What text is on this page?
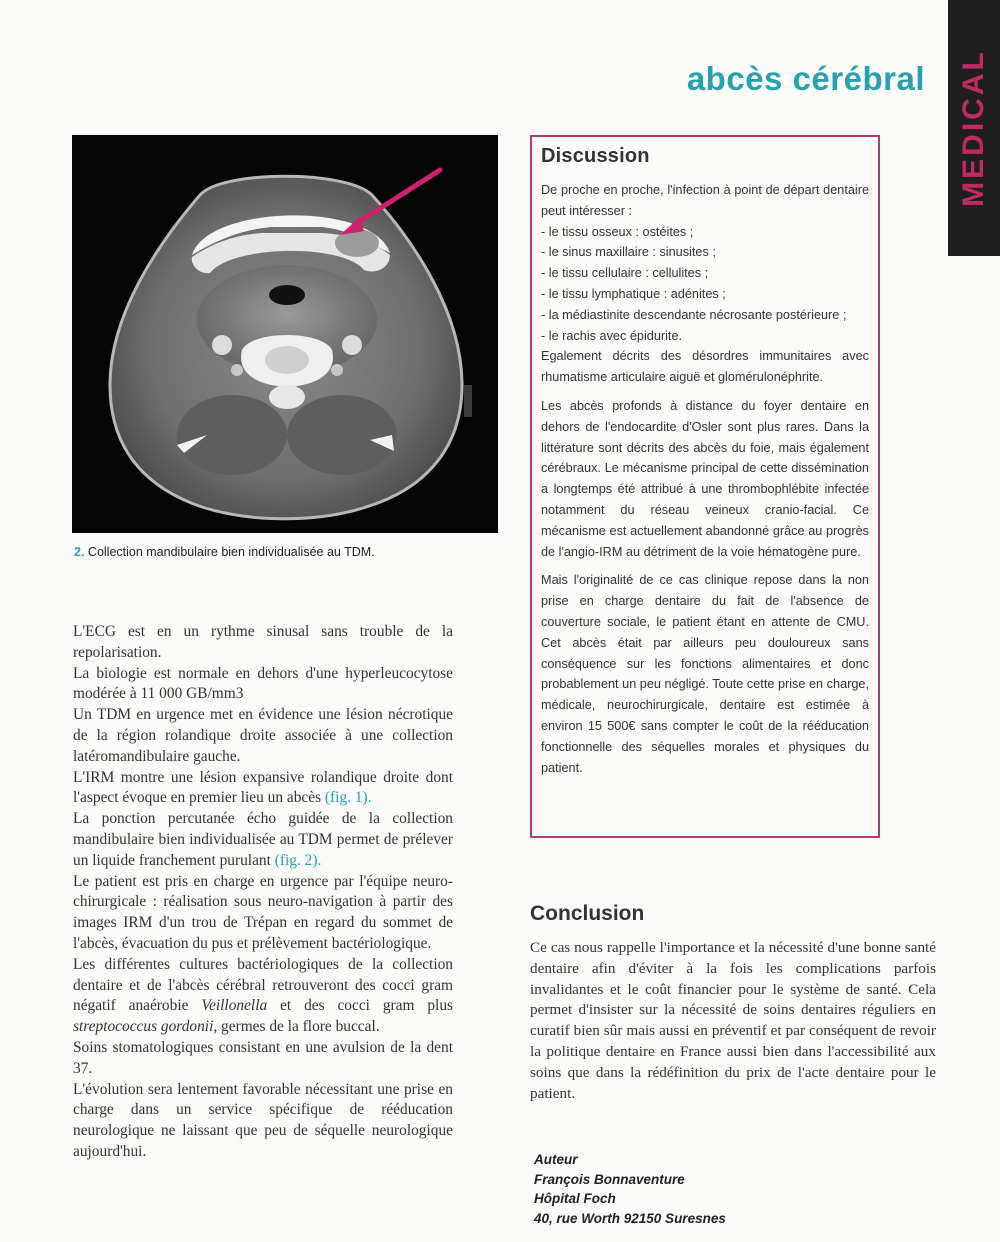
abcès cérébral MEDICAL
2. Collection mandibulaire bien individualisée au TDM.

L'ECG est en un rythme sinusal sans trouble de la repolarisation.

La biologie est normale en dehors d'une hyperleucocytose modérée à 11 000 GB/mm3

Un TDM en urgence met en évidence une lésion nécrotique de la région rolandique droite associée à une collection latéromandibulaire gauche.

L'IRM montre une lésion expansive rolandique droite dont l'aspect évoque en premier lieu un abcès (fig. 1).

La ponction percutanée écho guidée de la collection mandibulaire bien individualisée au TDM permet de prélever un liquide franchement purulant (fig. 2).

Le patient est pris en charge en urgence par l'équipe neuro-chirurgicale : réalisation sous neuro-navigation à partir des images IRM d'un trou de Trépan en regard du sommet de l'abcès, évacuation du pus et prélèvement bactériologique.

Les différentes cultures bactériologiques de la collection dentaire et de l'abcès cérébral retrouveront des cocci gram négatif anaérobie Veillonella et des cocci gram plus streptococcus gordonii, germes de la flore buccal.

Soins stomatologiques consistant en une avulsion de la dent 37.

L'évolution sera lentement favorable nécessitant une prise en charge dans un service spécifique de rééducation neurologique ne laissant que peu de séquelle neurologique aujourd'hui.

Discussion

De proche en proche, l'infection à point de départ dentaire peut intéresser :

- le tissu osseux : ostéites ;

- le sinus maxillaire : sinusites ;

- le tissu cellulaire : cellulites ;

- le tissu lymphatique : adénites ;

- la médiastinite descendante nécrosante postérieure ;

- le rachis avec épidurite.

Egalement décrits des désordres immunitaires avec rhumatisme articulaire aiguë et glomérulonéphrite.

Les abcès profonds à distance du foyer dentaire en dehors de l'endocardite d'Osler sont plus rares. Dans la littérature sont décrits des abcès du foie, mais également cérébraux. Le mécanisme principal de cette dissémination a longtemps été attribué à une thrombophlébite infectée notamment du réseau veineux cranio-facial. Ce mécanisme est actuellement abandonné grâce au progrès de l'angio-IRM au détriment de la voie hématogène pure.

Mais l'originalité de ce cas clinique repose dans la non prise en charge dentaire du fait de l'absence de couverture sociale, le patient étant en attente de CMU. Cet abcès était par ailleurs peu douloureux sans conséquence sur les fonctions alimentaires et donc probablement un peu négligé. Toute cette prise en charge, médicale, neurochirurgicale, dentaire est estimée à environ 15 500€ sans compter le coût de la rééducation fonctionnelle des séquelles morales et physiques du patient.

Conclusion

Ce cas nous rappelle l'importance et la nécessité d'une bonne santé dentaire afin d'éviter à la fois les complications parfois invalidantes et le coût financier pour le système de santé. Cela permet d'insister sur la nécessité de soins dentaires réguliers en curatif bien sûr mais aussi en préventif et par conséquent de revoir la politique dentaire en France aussi bien dans l'accessibilité aux soins que dans la rédéfinition du prix de l'acte dentaire pour le patient.

Auteur
François Bonnaventure
Hôpital Foch
40, rue Worth 92150 Suresnes
